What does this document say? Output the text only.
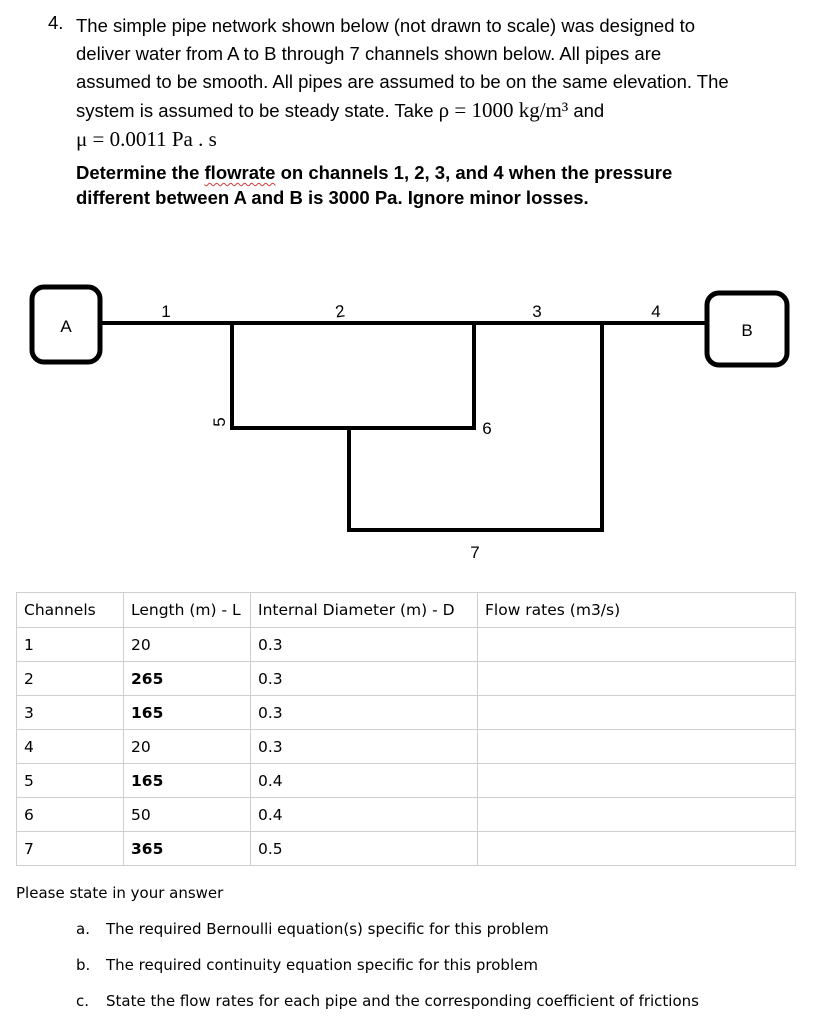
4. The simple pipe network shown below (not drawn to scale) was designed to
deliver water from A to B through 7 channels shown below. All pipes are
assumed to be smooth. All pipes are assumed to be on the same elevation. The
system is assumed to be steady state. Take ρ = 1000 kg/m³ and
μ = 0.0011 Pa . s
Determine the flowrate on channels 1, 2, 3, and 4 when the pressure
different between A and B is 3000 Pa. Ignore minor losses.
A	B
1	2	3	4
5	6
7
Channels	Length (m) - L	Internal Diameter (m) - D	Flow rates (m3/s)
1	20	0.3	
2	265	0.3	
3	165	0.3	
4	20	0.3	
5	165	0.4	
6	50	0.4	
7	365	0.5	
Please state in your answer
a. The required Bernoulli equation(s) specific for this problem
b. The required continuity equation specific for this problem
c. State the flow rates for each pipe and the corresponding coefficient of frictions
